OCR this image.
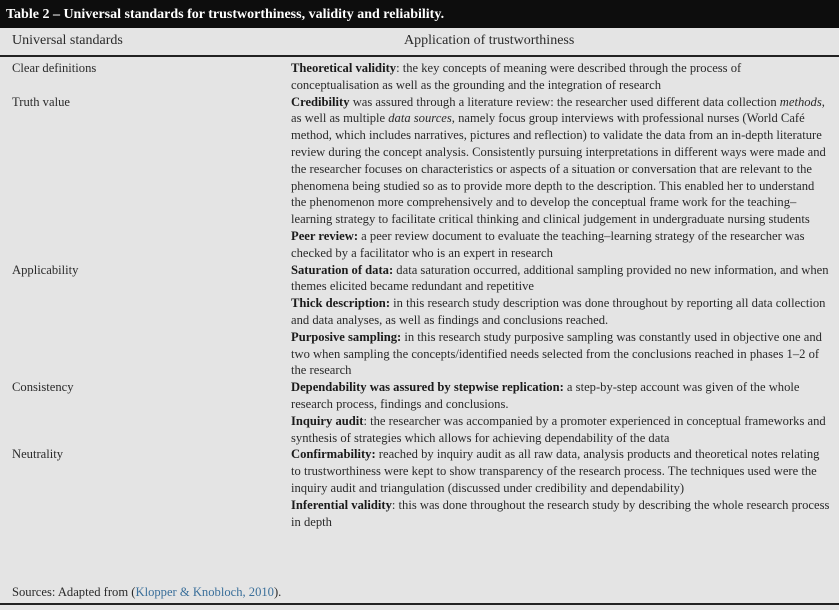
Table 2 – Universal standards for trustworthiness, validity and reliability.
Universal standards	Application of trustworthiness
Clear definitions	Theoretical validity: the key concepts of meaning were described through the process of conceptualisation as well as the grounding and the integration of research

Truth value	Credibility was assured through a literature review: the researcher used different data collection methods, as well as multiple data sources, namely focus group interviews with professional nurses (World Café method, which includes narratives, pictures and reflection) to validate the data from an in-depth literature review during the concept analysis. Consistently pursuing interpretations in different ways were made and the researcher focuses on characteristics or aspects of a situation or conversation that are relevant to the phenomena being studied so as to provide more depth to the description. This enabled her to understand the phenomenon more comprehensively and to develop the conceptual frame work for the teaching–learning strategy to facilitate critical thinking and clinical judgement in undergraduate nursing students

Peer review: a peer review document to evaluate the teaching–learning strategy of the researcher was checked by a facilitator who is an expert in research

Applicability	Saturation of data: data saturation occurred, additional sampling provided no new information, and when themes elicited became redundant and repetitive

Thick description: in this research study description was done throughout by reporting all data collection and data analyses, as well as findings and conclusions reached.

Purposive sampling: in this research study purposive sampling was constantly used in objective one and two when sampling the concepts/identified needs selected from the conclusions reached in phases 1–2 of the research

Consistency	Dependability was assured by stepwise replication: a step-by-step account was given of the whole research process, findings and conclusions.

Inquiry audit: the researcher was accompanied by a promoter experienced in conceptual frameworks and synthesis of strategies which allows for achieving dependability of the data

Neutrality	Confirmability: reached by inquiry audit as all raw data, analysis products and theoretical notes relating to trustworthiness were kept to show transparency of the research process. The techniques used were the inquiry audit and triangulation (discussed under credibility and dependability)

Inferential validity: this was done throughout the research study by describing the whole research process in depth

Sources: Adapted from (Klopper & Knobloch, 2010).
